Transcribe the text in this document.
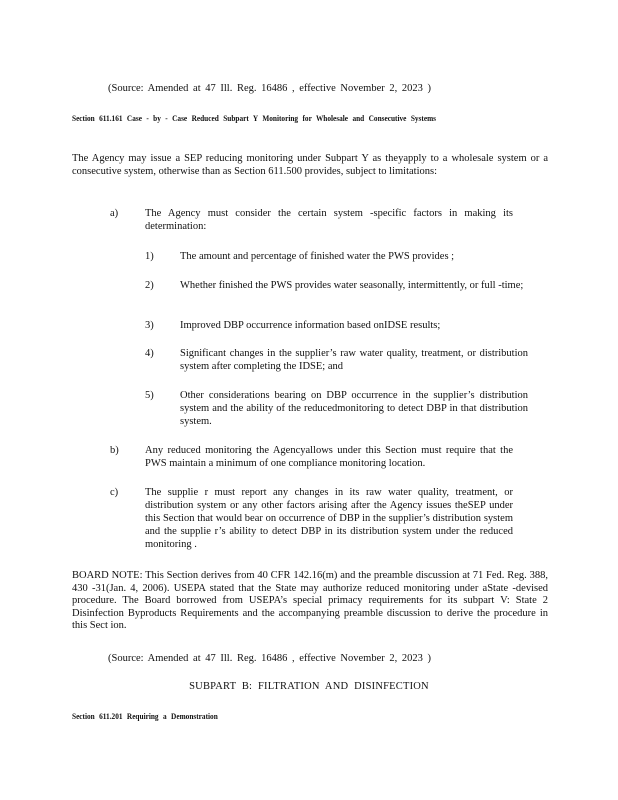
(Source: Amended at 47 Ill. Reg. 16486 , effective November 2, 2023 )
Section 611.161 Case - by - Case Reduced Subpart Y Monitoring for Wholesale and Consecutive Systems
The Agency may issue a SEP reducing monitoring under Subpart Y as theyapply to a wholesale system or a consecutive system, otherwise than as Section 611.500 provides, subject to limitations:
a)	The Agency must consider the certain system -specific factors in making its determination:
1)	The amount and percentage of finished water the PWS provides ;
2)	Whether finished the PWS provides water seasonally, intermittently, or full -time;
3)	Improved DBP occurrence information based onIDSE results;
4)	Significant changes in the supplier’s raw water quality, treatment, or distribution system after completing the IDSE; and
5)	Other considerations bearing on DBP occurrence in the supplier’s distribution system and the ability of the reducedmonitoring to detect DBP in that distribution system.
b)	Any reduced monitoring the Agencyallows under this Section must require that the PWS maintain a minimum of one compliance monitoring location.
c)	The supplie r must report any changes in its raw water quality, treatment, or distribution system or any other factors arising after the Agency issues theSEP under this Section that would bear on occurrence of DBP in the supplier’s distribution system and the supplie r’s ability to detect DBP in its distribution system under the reduced monitoring .
BOARD NOTE: This Section derives from 40 CFR 142.16(m) and the preamble discussion at 71 Fed. Reg. 388, 430 -31(Jan. 4, 2006). USEPA stated that the State may authorize reduced monitoring under aState -devised procedure. The Board borrowed from USEPA’s special primacy requirements for its subpart V: State 2 Disinfection Byproducts Requirements and the accompanying preamble discussion to derive the procedure in this Sect ion.
(Source: Amended at 47 Ill. Reg. 16486 , effective November 2, 2023 )
SUBPART B: FILTRATION AND DISINFECTION
Section 611.201 Requiring a Demonstration
